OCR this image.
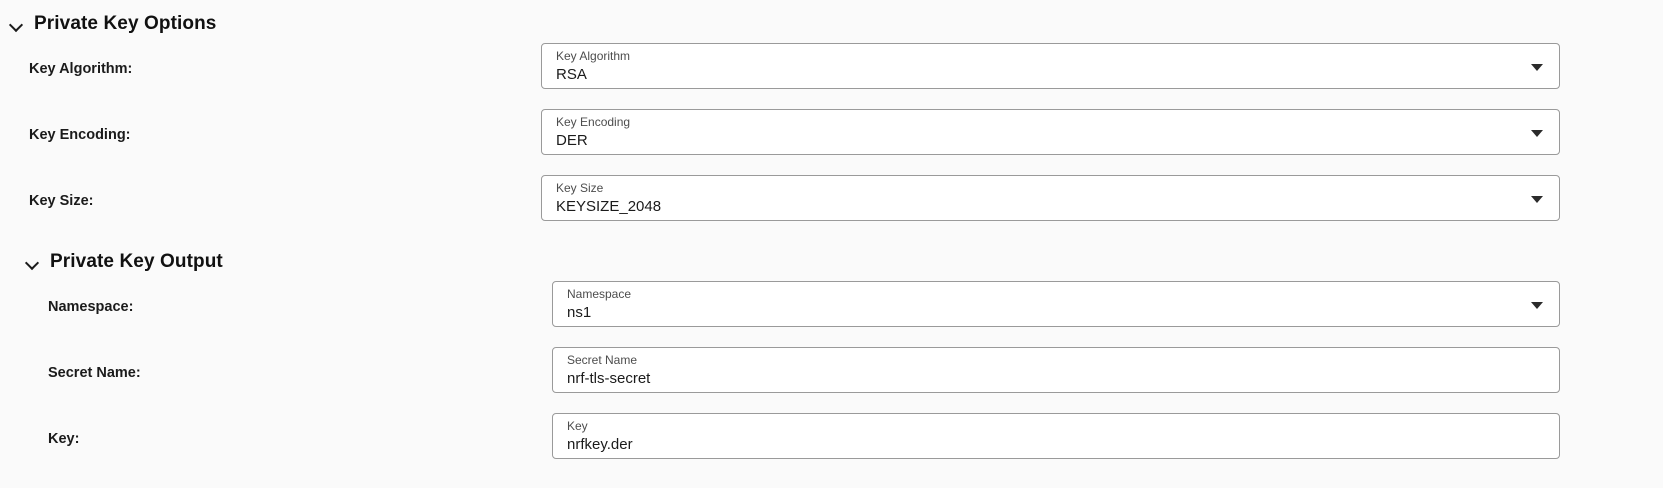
Private Key Options
Key Algorithm:
Key Algorithm
RSA
Key Encoding:
Key Encoding
DER
Key Size:
Key Size
KEYSIZE_2048
Private Key Output
Namespace:
Namespace
ns1
Secret Name:
Secret Name
nrf-tls-secret
Key:
Key
nrfkey.der
